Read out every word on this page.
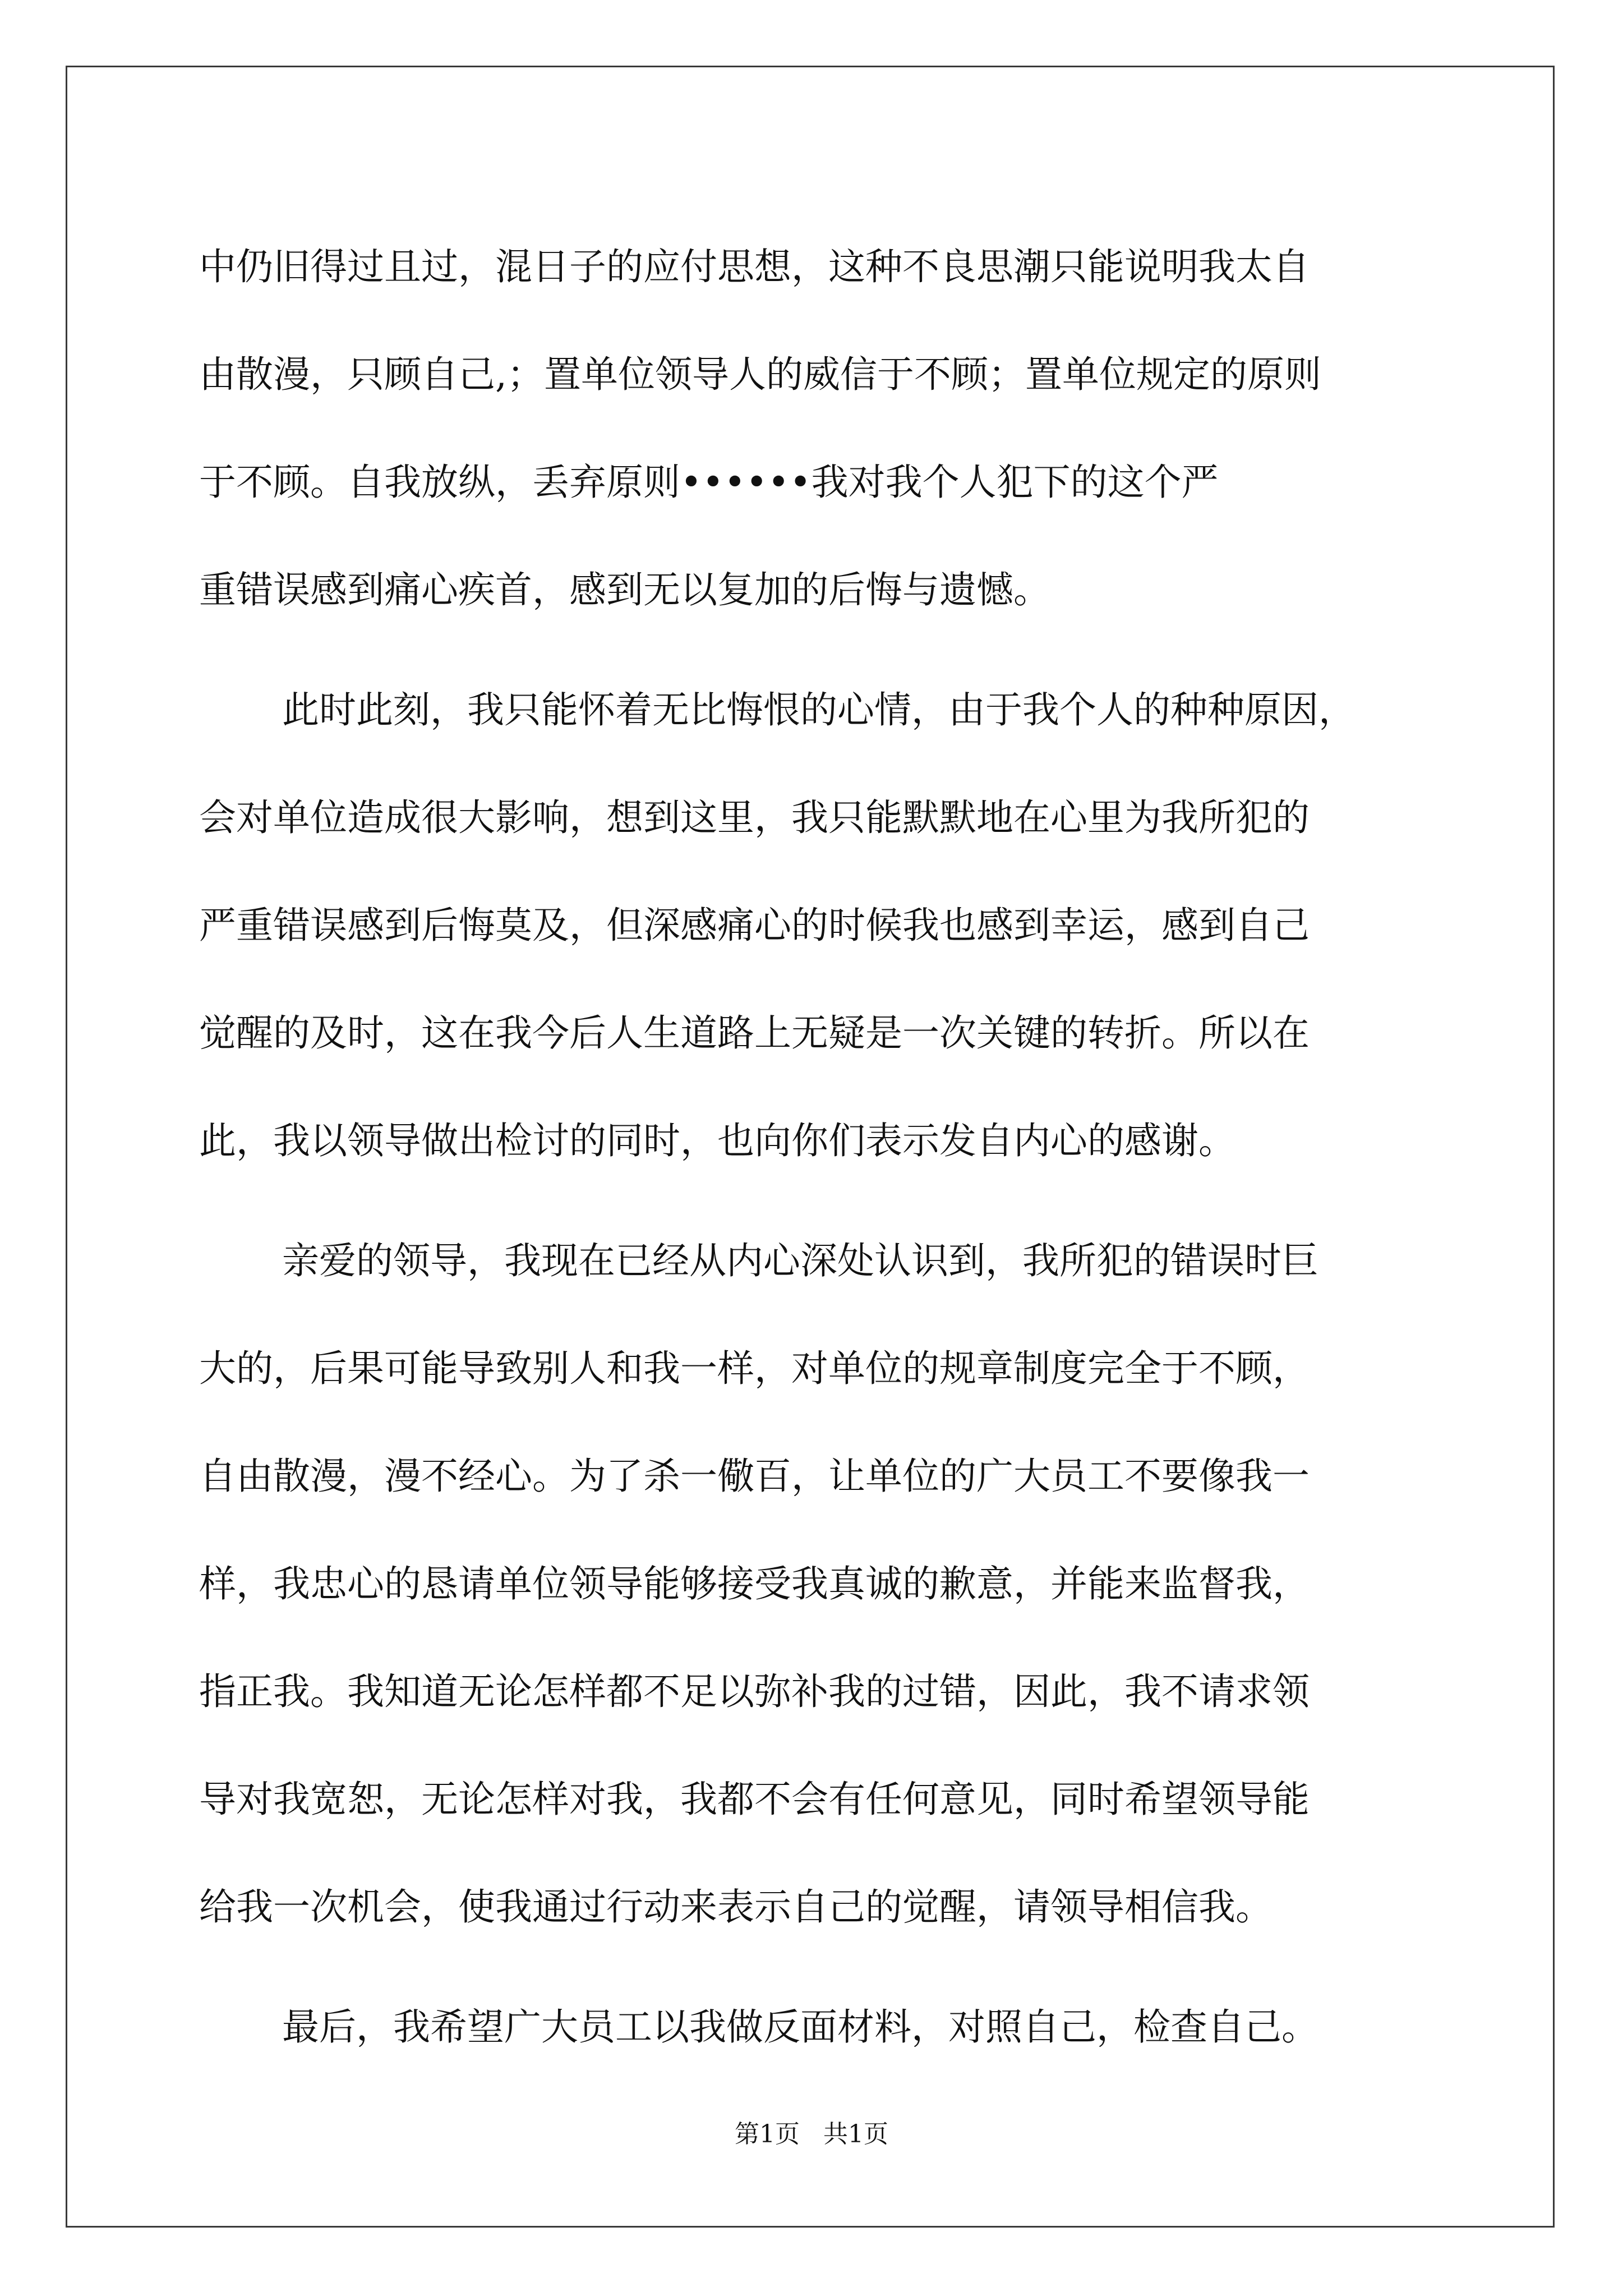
中仍旧得过且过，混日子的应付思想，这种不良思潮只能说明我太自
由散漫，只顾自己,；置单位领导人的威信于不顾；置单位规定的原则
于不顾。自我放纵，丢弃原则••••••我对我个人犯下的这个严
重错误感到痛心疾首，感到无以复加的后悔与遗憾。
此时此刻，我只能怀着无比悔恨的心情，由于我个人的种种原因，
会对单位造成很大影响，想到这里，我只能默默地在心里为我所犯的
严重错误感到后悔莫及，但深感痛心的时候我也感到幸运，感到自己
觉醒的及时，这在我今后人生道路上无疑是一次关键的转折。所以在
此，我以领导做出检讨的同时，也向你们表示发自内心的感谢。
亲爱的领导，我现在已经从内心深处认识到，我所犯的错误时巨
大的，后果可能导致别人和我一样，对单位的规章制度完全于不顾，
自由散漫，漫不经心。为了杀一儆百，让单位的广大员工不要像我一
样，我忠心的恳请单位领导能够接受我真诚的歉意，并能来监督我，
指正我。我知道无论怎样都不足以弥补我的过错，因此，我不请求领
导对我宽恕，无论怎样对我，我都不会有任何意见，同时希望领导能
给我一次机会，使我通过行动来表示自己的觉醒，请领导相信我。
最后，我希望广大员工以我做反面材料，对照自己，检查自己。
第1页   共1页
